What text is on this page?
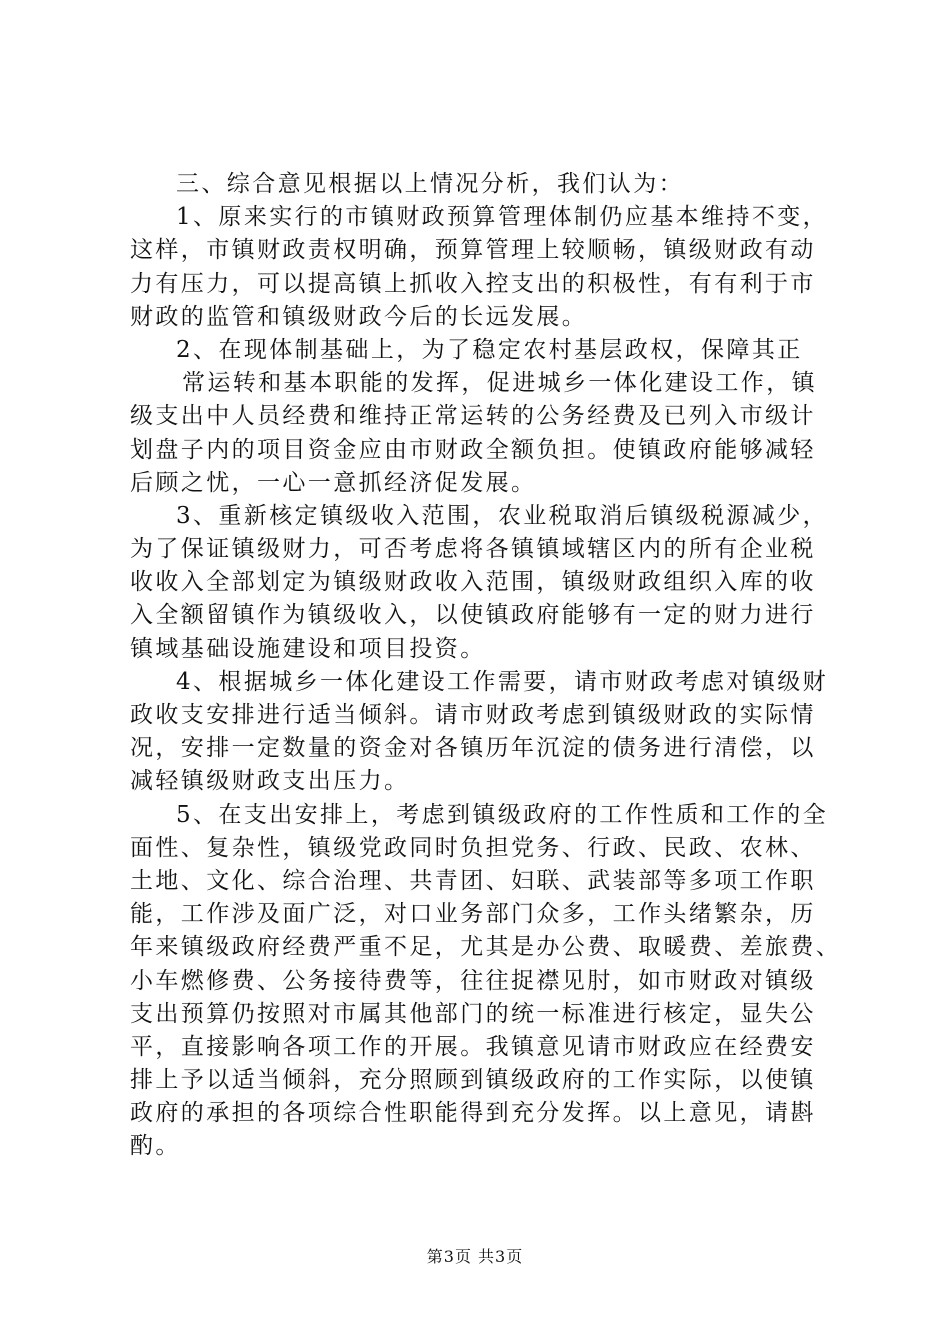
三、综合意见根据以上情况分析，我们认为：
1、原来实行的市镇财政预算管理体制仍应基本维持不变，
这样，市镇财政责权明确，预算管理上较顺畅，镇级财政有动
力有压力，可以提高镇上抓收入控支出的积极性，有有利于市
财政的监管和镇级财政今后的长远发展。
2、在现体制基础上，为了稳定农村基层政权，保障其正
常运转和基本职能的发挥，促进城乡一体化建设工作，镇
级支出中人员经费和维持正常运转的公务经费及已列入市级计
划盘子内的项目资金应由市财政全额负担。使镇政府能够减轻
后顾之忧，一心一意抓经济促发展。
3、重新核定镇级收入范围，农业税取消后镇级税源减少，
为了保证镇级财力，可否考虑将各镇镇域辖区内的所有企业税
收收入全部划定为镇级财政收入范围，镇级财政组织入库的收
入全额留镇作为镇级收入，以使镇政府能够有一定的财力进行
镇域基础设施建设和项目投资。
4、根据城乡一体化建设工作需要，请市财政考虑对镇级财
政收支安排进行适当倾斜。请市财政考虑到镇级财政的实际情
况，安排一定数量的资金对各镇历年沉淀的债务进行清偿，以
减轻镇级财政支出压力。
5、在支出安排上，考虑到镇级政府的工作性质和工作的全
面性、复杂性，镇级党政同时负担党务、行政、民政、农林、
土地、文化、综合治理、共青团、妇联、武装部等多项工作职
能，工作涉及面广泛，对口业务部门众多，工作头绪繁杂，历
年来镇级政府经费严重不足，尤其是办公费、取暖费、差旅费、
小车燃修费、公务接待费等，往往捉襟见肘，如市财政对镇级
支出预算仍按照对市属其他部门的统一标准进行核定，显失公
平，直接影响各项工作的开展。我镇意见请市财政应在经费安
排上予以适当倾斜，充分照顾到镇级政府的工作实际，以使镇
政府的承担的各项综合性职能得到充分发挥。以上意见，请斟
酌。
第3页 共3页
